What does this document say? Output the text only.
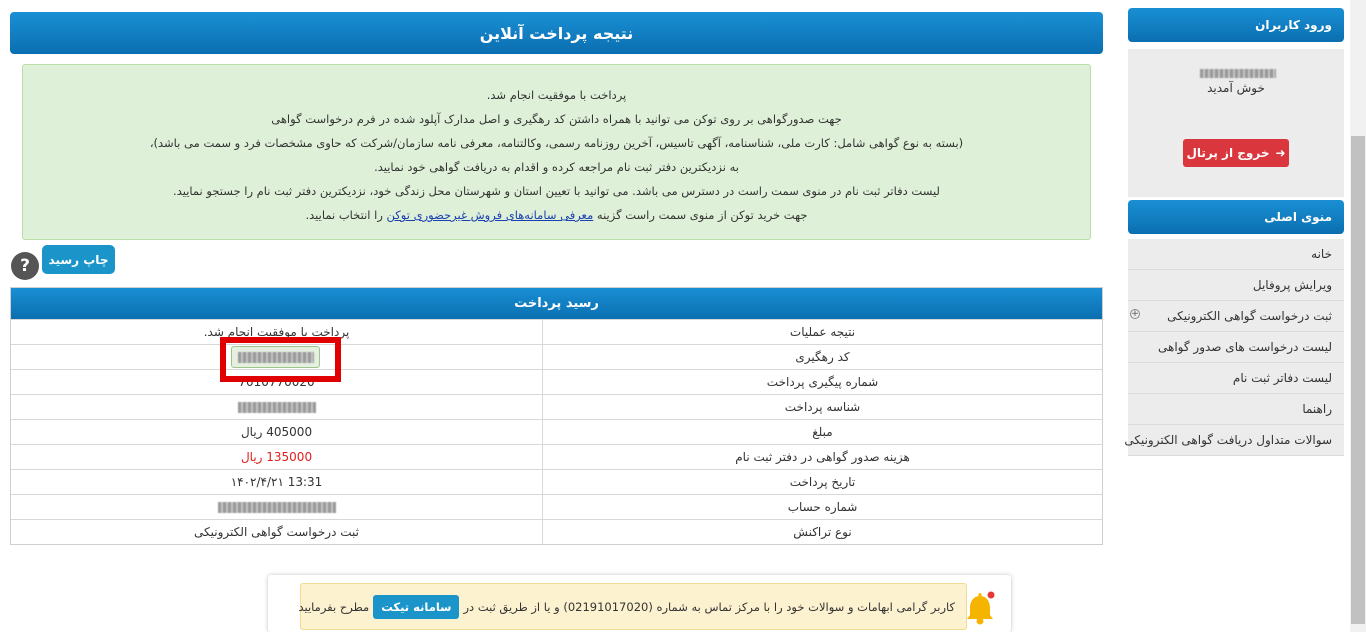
نتیجه پرداخت آنلاین

پرداخت با موفقیت انجام شد.

جهت صدورگواهی بر روی توکن می توانید با همراه داشتن کد رهگیری و اصل مدارک آپلود شده در فرم درخواست گواهی

(بسته به نوع گواهی شامل: کارت ملی، شناسنامه، آگهی تاسیس، آخرین روزنامه رسمی، وکالتنامه، معرفی نامه سازمان/شرکت که حاوی مشخصات فرد و سمت می باشد)،

به نزدیکترین دفتر ثبت نام مراجعه کرده و اقدام به دریافت گواهی خود نمایید.

لیست دفاتر ثبت نام در منوی سمت راست در دسترس می باشد. می توانید با تعیین استان و شهرستان محل زندگی خود، نزدیکترین دفتر ثبت نام را جستجو نمایید.

جهت خرید توکن از منوی سمت راست گزینه معرفی سامانه‌های فروش غیرحضوری توکن را انتخاب نمایید.

چاپ رسید
?
رسید پرداخت
نتیجه عملیات
پرداخت با موفقیت انجام شد.
کد رهگیری
شماره پیگیری پرداخت
7010770020
شناسه پرداخت
مبلغ
405000 ریال
هزینه صدور گواهی در دفتر ثبت نام
135000 ریال
تاریخ پرداخت
13:31 ۱۴۰۲/۴/۲۱
شماره حساب
نوع تراکنش
ثبت درخواست گواهی الکترونیکی
ورود کاربران
خوش آمدید
➜
خروج از پرتال
منوی اصلی
خانه
ویرایش پروفایل
ثبت درخواست گواهی الکترونیکی
+
لیست درخواست های صدور گواهی
لیست دفاتر ثبت نام
راهنما
سوالات متداول دریافت گواهی الکترونیکی
کاربر گرامی ابهامات و سوالات خود را با مرکز تماس به شماره (02191017020) و یا از طریق ثبت در
سامانه تیکت
مطرح بفرمایید
